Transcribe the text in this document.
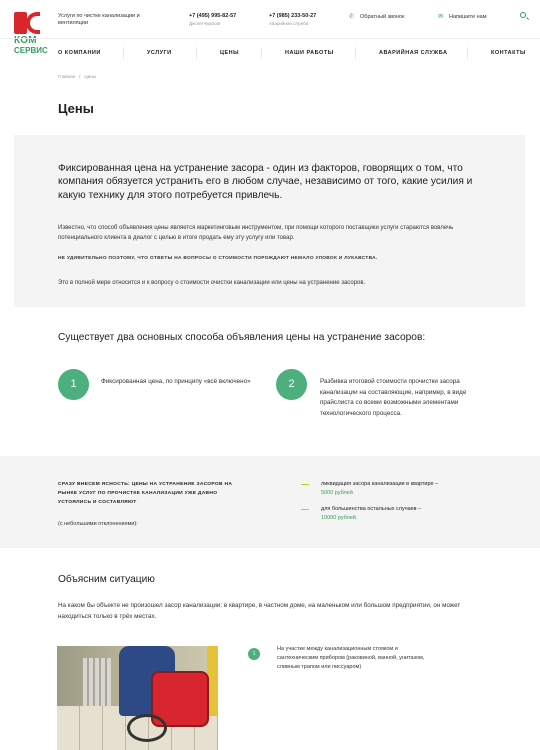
КОМ
СЕРВИС
Услуги по чистке канализации и вентиляции
+7 (495) 995-82-57
Диспетчерская
+7 (985) 233-50-27
Аварийная служба
✆ Обратный звонок	✉ Напишите нам
О КОМПАНИИ	УСЛУГИ	ЦЕНЫ	НАШИ РАБОТЫ	АВАРИЙНАЯ СЛУЖБА	КОНТАКТЫ
Главная / Цены
Цены
Фиксированная цена на устранение засора - один из факторов, говорящих о том, что компания обязуется устранить его в любом случае, независимо от того, какие усилия и какую технику для этого потребуется привлечь.
Известно, что способ объявления цены является маркетинговым инструментом, при помощи которого поставщики услуги стараются вовлечь потенциального клиента в диалог с целью в итоге продать ему эту услугу или товар.
НЕ УДИВИТЕЛЬНО ПОЭТОМУ, ЧТО ОТВЕТЫ НА ВОПРОСЫ О СТОИМОСТИ ПОРОЖДАЮТ НЕМАЛО УЛОВОК И ЛУКАВСТВА.
Это в полной мере относится и к вопросу о стоимости очистки канализации или цены на устранение засоров.
Существует два основных способа объявления цены на устранение засоров:
1	Фиксированная цена, по принципу «всё включено»	2	Разбивка итоговой стоимости прочистки засора канализации на составляющие, например, в виде прайслиста со всеми возможными элементами технологического процесса.
СРАЗУ ВНЕСЕМ ЯСНОСТЬ: ЦЕНЫ НА УСТРАНЕНИЕ ЗАСОРОВ НА РЫНКЕ УСЛУГ ПО ПРОЧИСТКЕ КАНАЛИЗАЦИИ УЖЕ ДАВНО УСТОЯЛИСЬ И СОСТАВЛЯЮТ
(с небольшими отклонениями):
ликвидация засора канализации в квартире –
5000 рублей
для большинства остальных случаев –
10000 рублей.
Объясним ситуацию
На каком бы объекте не произошел засор канализации: в квартире, в частном доме, на маленьком или большом предприятии, он может находиться только в трёх местах.
1
На участке между канализационным стояком и сантехническим прибором (раковиной, ванной, унитазом, сливным трапом или писсуаром)
